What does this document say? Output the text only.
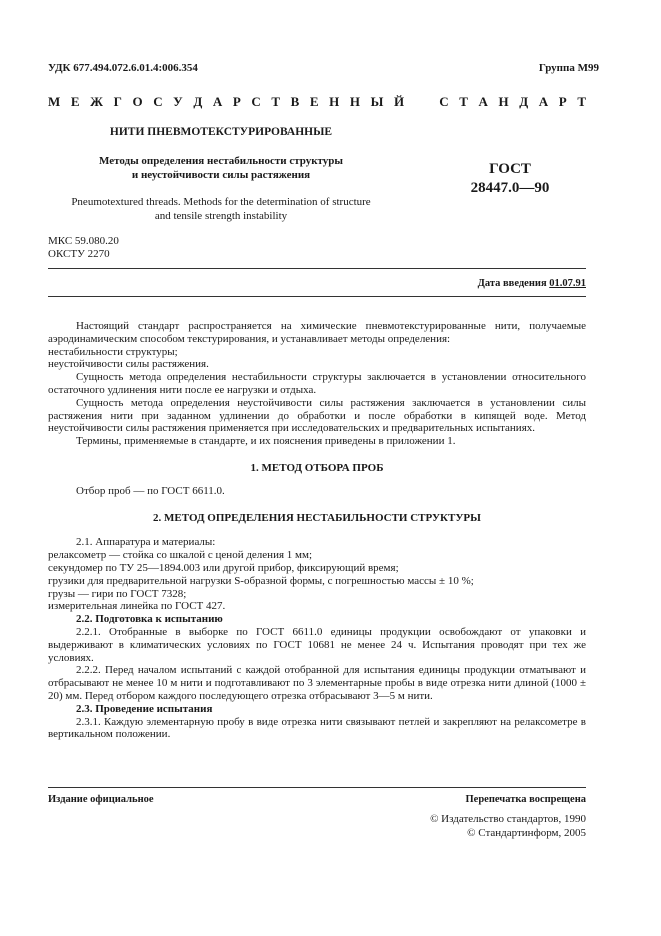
УДК 677.494.072.6.01.4:006.354	Группа М99
М Е Ж Г О С У Д А Р С Т В Е Н Н Ы Й	С Т А Н Д А Р Т
НИТИ ПНЕВМОТЕКСТУРИРОВАННЫЕ
Методы определения нестабильности структуры
и неустойчивости силы растяжения	ГОСТ
28447.0—90
Pneumotextured threads. Methods for the determination of structure
and tensile strength instability
МКС 59.080.20
ОКСТУ 2270
Дата введения 01.07.91

Настоящий стандарт распространяется на химические пневмотекстурированные нити, получаемые аэродинамическим способом текстурирования, и устанавливает методы определения:

нестабильности структуры;

неустойчивости силы растяжения.

Сущность метода определения нестабильности структуры заключается в установлении относительного остаточного удлинения нити после ее нагрузки и отдыха.

Сущность метода определения неустойчивости силы растяжения заключается в установлении силы растяжения нити при заданном удлинении до обработки и после обработки в кипящей воде. Метод неустойчивости силы растяжения применяется при исследовательских и предварительных испытаниях.

Термины, применяемые в стандарте, и их пояснения приведены в приложении 1.

1. МЕТОД ОТБОРА ПРОБ

Отбор проб — по ГОСТ 6611.0.

2. МЕТОД ОПРЕДЕЛЕНИЯ НЕСТАБИЛЬНОСТИ СТРУКТУРЫ

2.1. Аппаратура и материалы:

релаксометр — стойка со шкалой с ценой деления 1 мм;

секундомер по ТУ 25—1894.003 или другой прибор, фиксирующий время;

грузики для предварительной нагрузки S-образной формы, с погрешностью массы ± 10 %;

грузы — гири по ГОСТ 7328;

измерительная линейка по ГОСТ 427.

2.2. Подготовка к испытанию

2.2.1. Отобранные в выборке по ГОСТ 6611.0 единицы продукции освобождают от упаковки и выдерживают в климатических условиях по ГОСТ 10681 не менее 24 ч. Испытания проводят при тех же условиях.

2.2.2. Перед началом испытаний с каждой отобранной для испытания единицы продукции отматывают и отбрасывают не менее 10 м нити и подготавливают по 3 элементарные пробы в виде отрезка нити длиной (1000 ± 20) мм. Перед отбором каждого последующего отрезка отбрасывают 3—5 м нити.

2.3. Проведение испытания

2.3.1. Каждую элементарную пробу в виде отрезка нити связывают петлей и закрепляют на релаксометре в вертикальном положении.

Издание официальное	Перепечатка воспрещена
© Издательство стандартов, 1990
© Стандартинформ, 2005
